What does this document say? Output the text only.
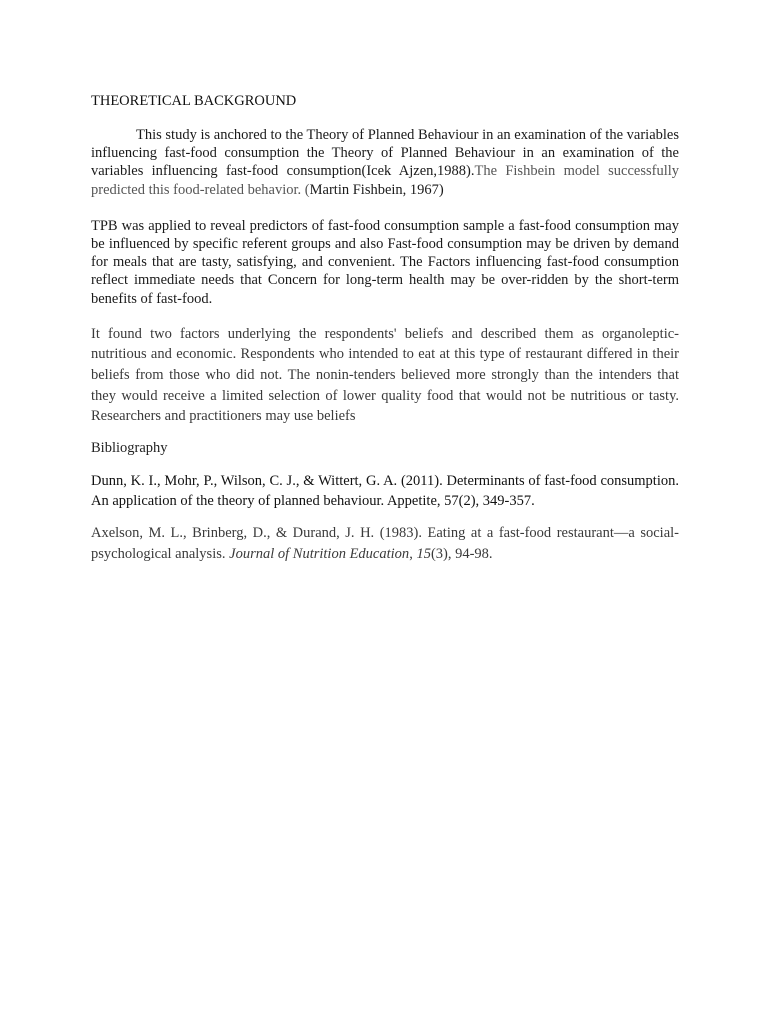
THEORETICAL BACKGROUND

This study is anchored to the Theory of Planned Behaviour in an examination of the variables influencing fast-food consumption the Theory of Planned Behaviour in an examination of the variables influencing fast-food consumption(Icek Ajzen,1988).The Fishbein model successfully predicted this food-related behavior. (Martin Fishbein, 1967)

TPB was applied to reveal predictors of fast-food consumption sample a fast-food consumption may be influenced by specific referent groups and also Fast-food consumption may be driven by demand for meals that are tasty, satisfying, and convenient. The Factors influencing fast-food consumption reflect immediate needs that Concern for long-term health may be over-ridden by the short-term benefits of fast-food.

It found two factors underlying the respondents' beliefs and described them as organoleptic-nutritious and economic. Respondents who intended to eat at this type of restaurant differed in their beliefs from those who did not. The nonin-tenders believed more strongly than the intenders that they would receive a limited selection of lower quality food that would not be nutritious or tasty. Researchers and practitioners may use beliefs

Bibliography

Dunn, K. I., Mohr, P., Wilson, C. J., & Wittert, G. A. (2011). Determinants of fast-food consumption. An application of the theory of planned behaviour. Appetite, 57(2), 349-357.

Axelson, M. L., Brinberg, D., & Durand, J. H. (1983). Eating at a fast-food restaurant—a social-psychological analysis. Journal of Nutrition Education, 15(3), 94-98.
